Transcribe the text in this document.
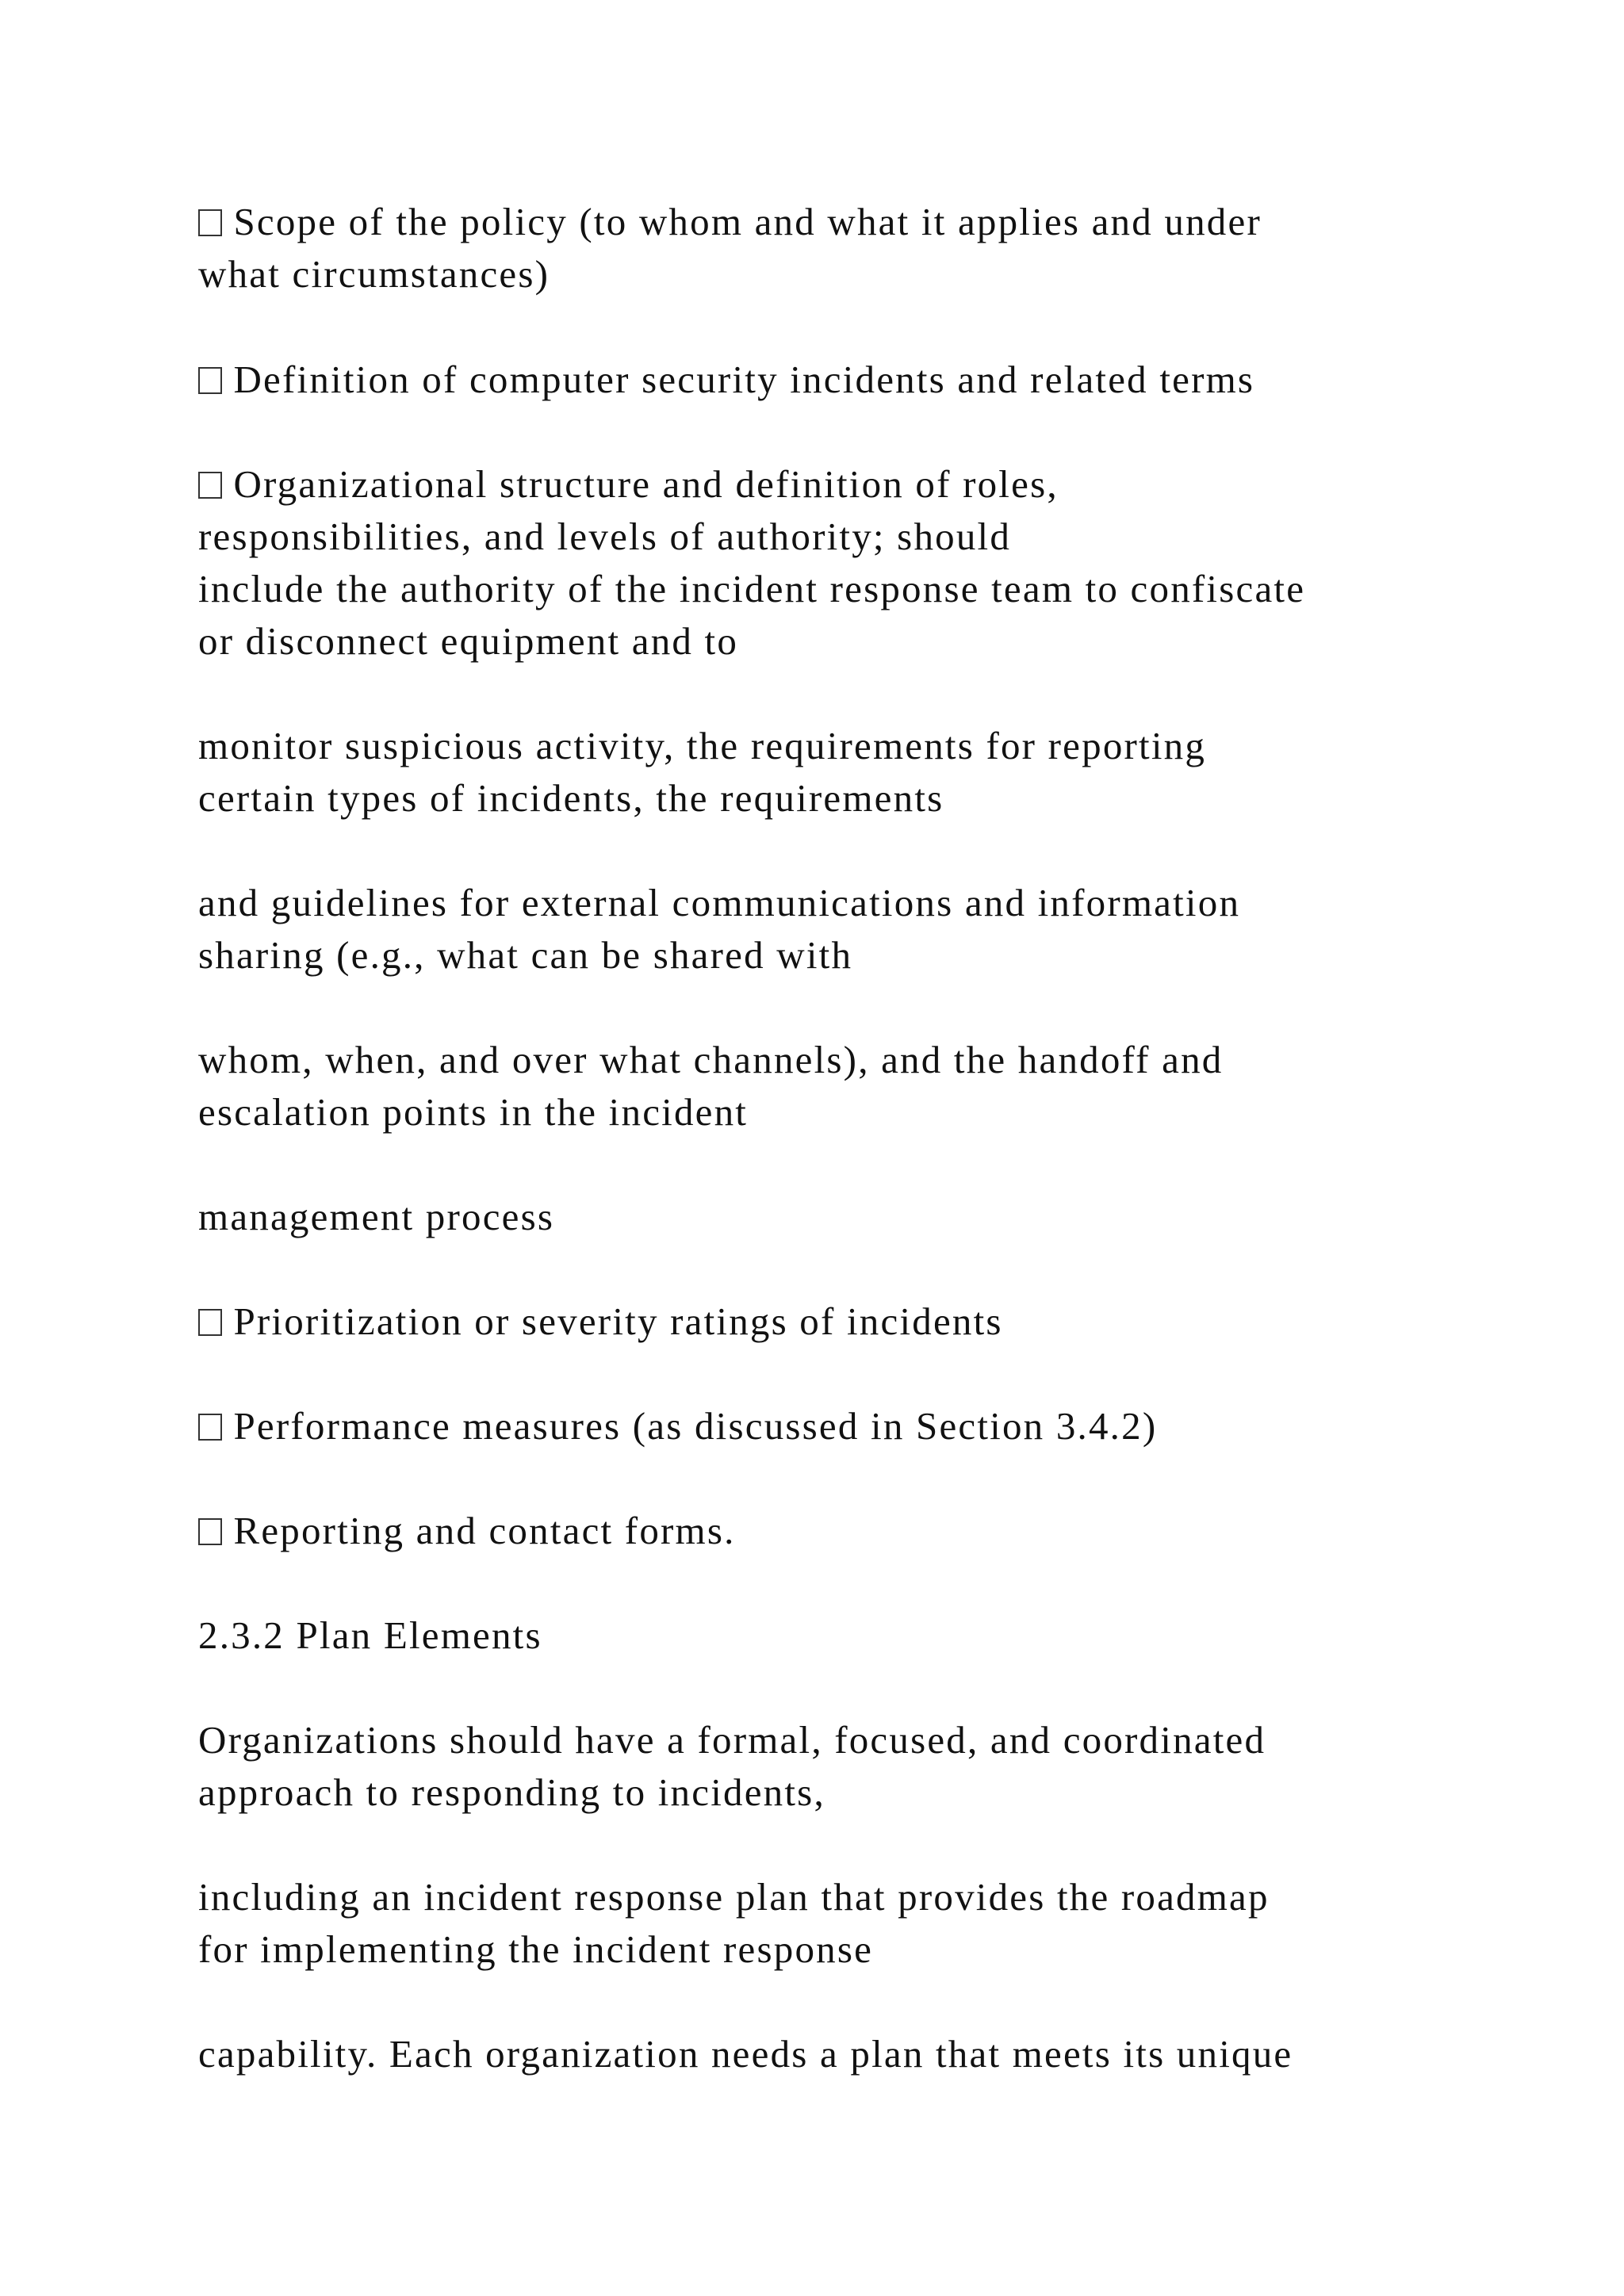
Scope of the policy (to whom and what it applies and under

what circumstances)

Definition of computer security incidents and related terms

Organizational structure and definition of roles,

responsibilities, and levels of authority; should

include the authority of the incident response team to confiscate

or disconnect equipment and to

monitor suspicious activity, the requirements for reporting

certain types of incidents, the requirements

and guidelines for external communications and information

sharing (e.g., what can be shared with

whom, when, and over what channels), and the handoff and

escalation points in the incident

management process

Prioritization or severity ratings of incidents

Performance measures (as discussed in Section 3.4.2)

Reporting and contact forms.

2.3.2 Plan Elements

Organizations should have a formal, focused, and coordinated

approach to responding to incidents,

including an incident response plan that provides the roadmap

for implementing the incident response

capability. Each organization needs a plan that meets its unique
